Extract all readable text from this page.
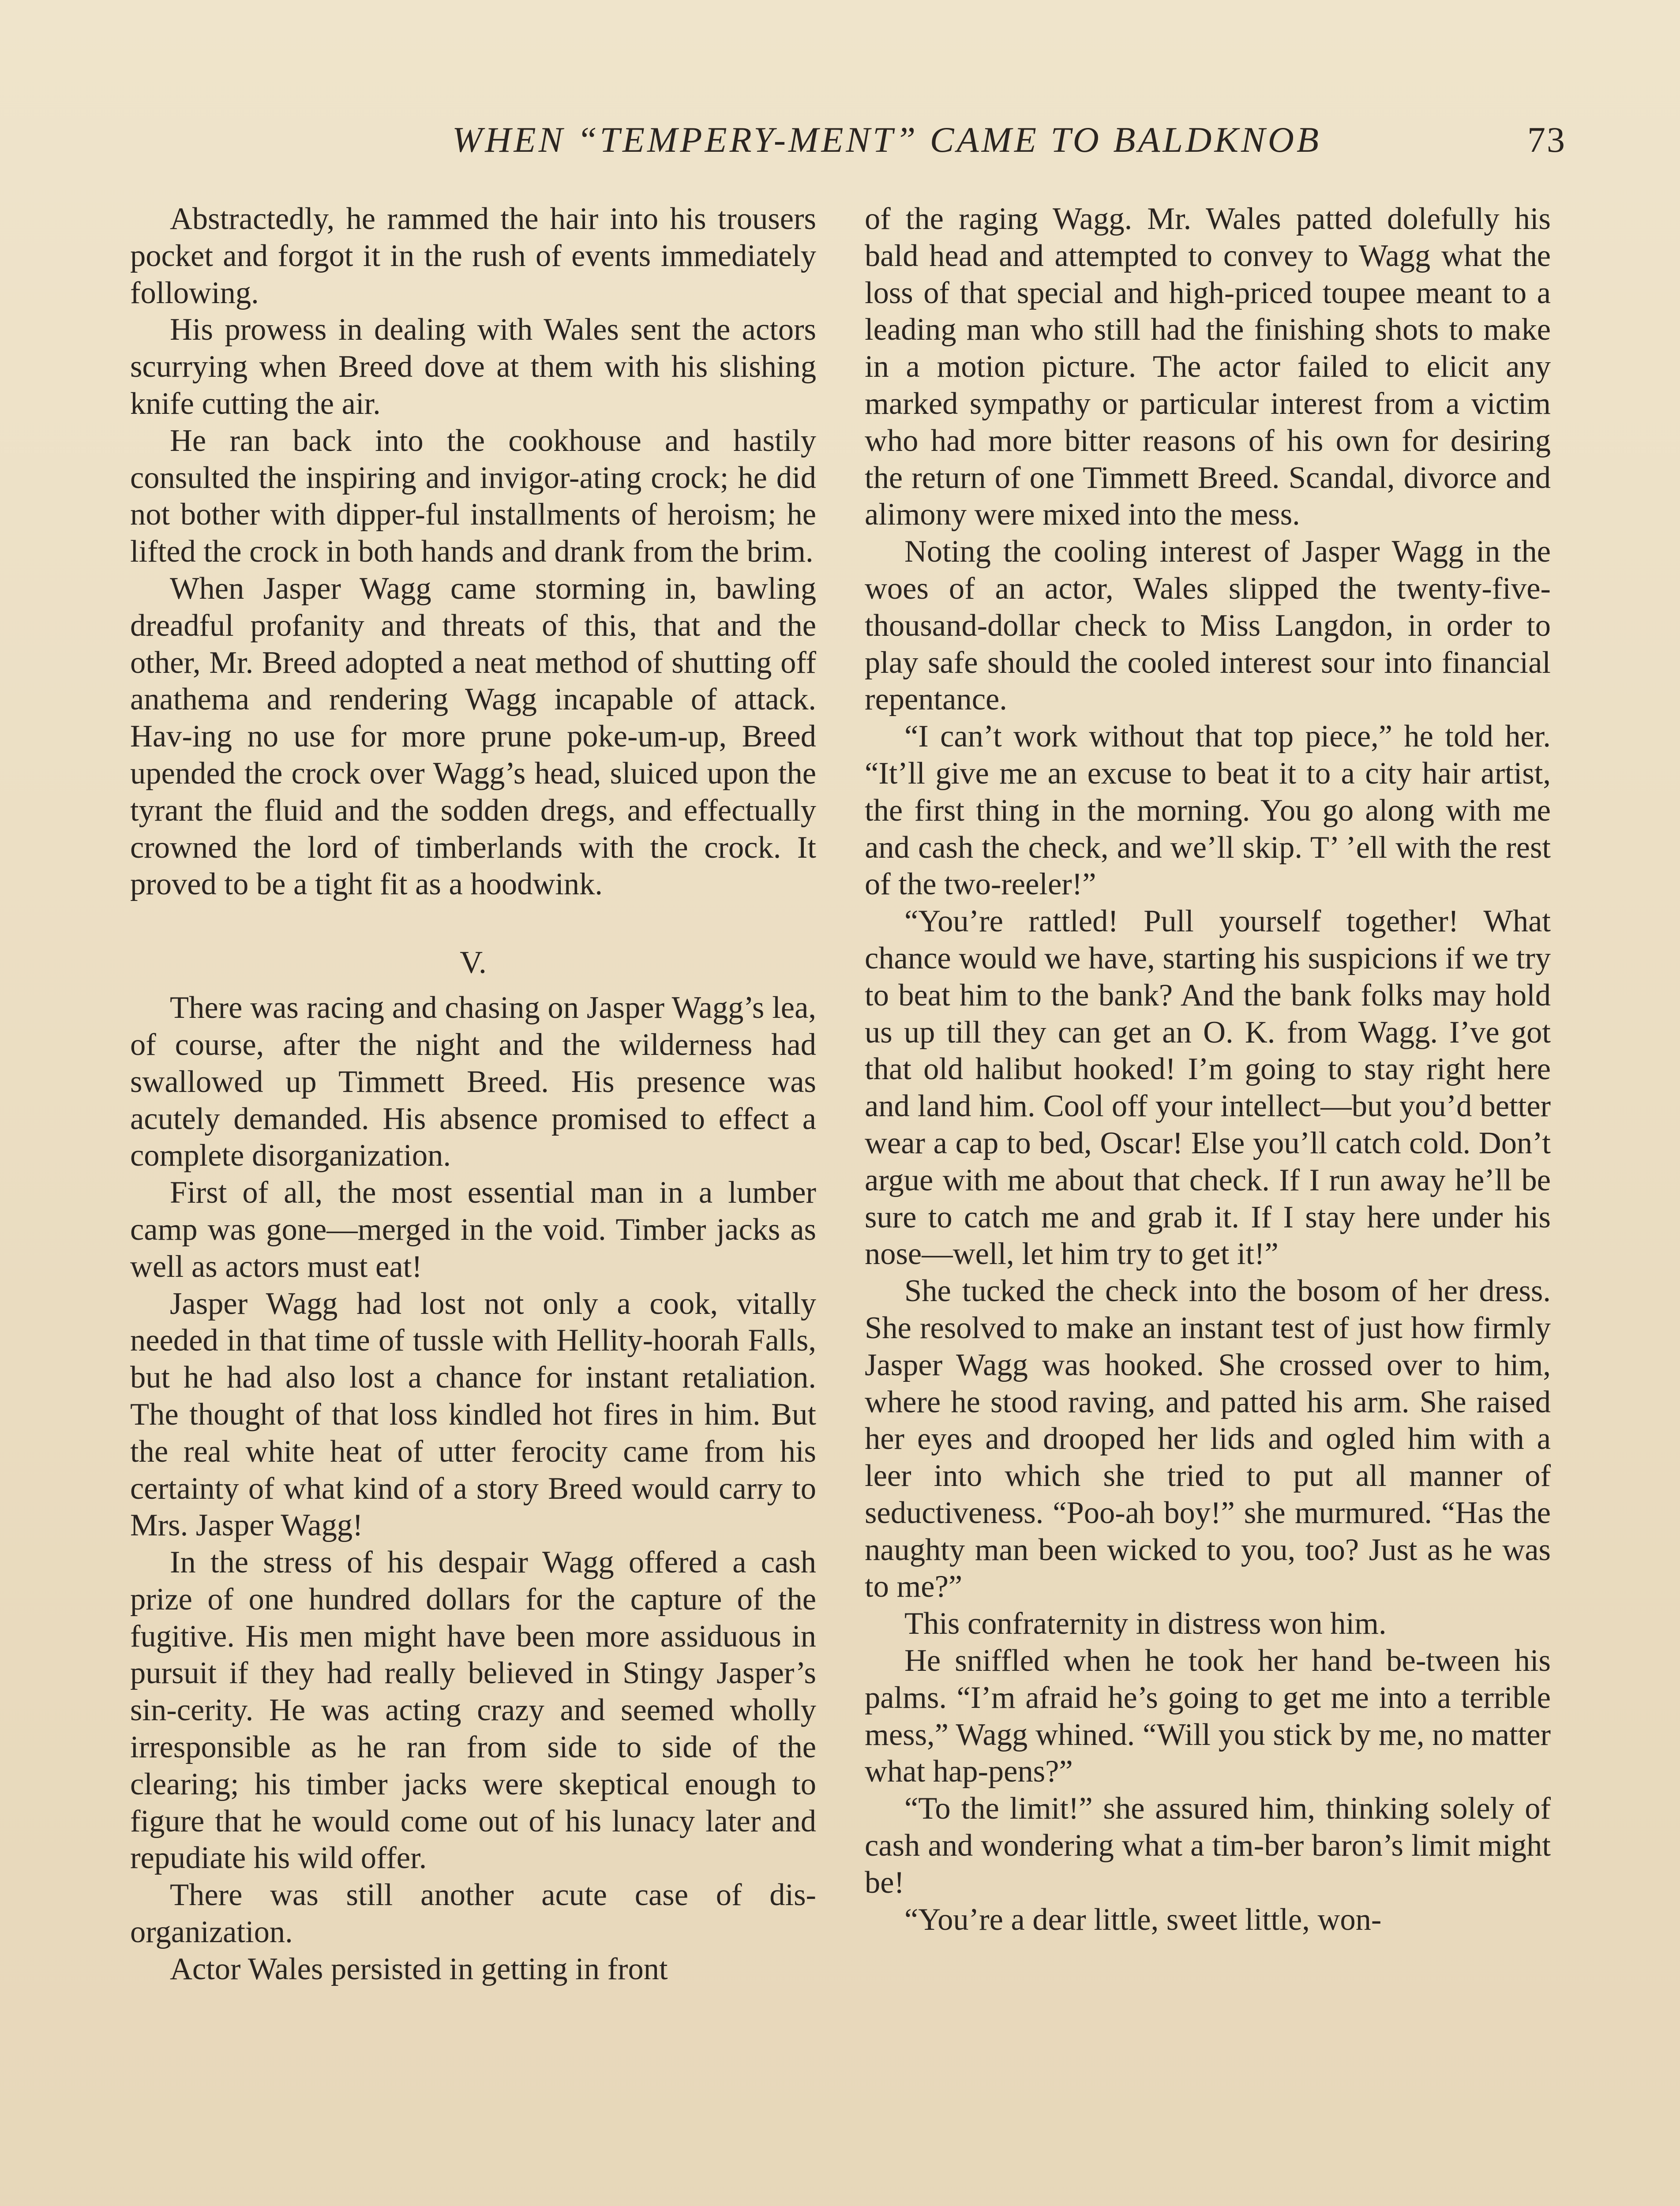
WHEN “TEMPERY-MENT” CAME TO BALDKNOB	73

Abstractedly, he rammed the hair into his trousers pocket and forgot it in the rush of events immediately following.

His prowess in dealing with Wales sent the actors scurrying when Breed dove at them with his slishing knife cutting the air.

He ran back into the cookhouse and hastily consulted the inspiring and invigor-ating crock; he did not bother with dipper-ful installments of heroism; he lifted the crock in both hands and drank from the brim.

When Jasper Wagg came storming in, bawling dreadful profanity and threats of this, that and the other, Mr. Breed adopted a neat method of shutting off anathema and rendering Wagg incapable of attack. Hav-ing no use for more prune poke-um-up, Breed upended the crock over Wagg’s head, sluiced upon the tyrant the fluid and the sodden dregs, and effectually crowned the lord of timberlands with the crock. It proved to be a tight fit as a hoodwink.

V.

There was racing and chasing on Jasper Wagg’s lea, of course, after the night and the wilderness had swallowed up Timmett Breed. His presence was acutely demanded. His absence promised to effect a complete disorganization.

First of all, the most essential man in a lumber camp was gone—merged in the void. Timber jacks as well as actors must eat!

Jasper Wagg had lost not only a cook, vitally needed in that time of tussle with Hellity-hoorah Falls, but he had also lost a chance for instant retaliation. The thought of that loss kindled hot fires in him. But the real white heat of utter ferocity came from his certainty of what kind of a story Breed would carry to Mrs. Jasper Wagg!

In the stress of his despair Wagg offered a cash prize of one hundred dollars for the capture of the fugitive. His men might have been more assiduous in pursuit if they had really believed in Stingy Jasper’s sin-cerity. He was acting crazy and seemed wholly irresponsible as he ran from side to side of the clearing; his timber jacks were skeptical enough to figure that he would come out of his lunacy later and repudiate his wild offer.

There was still another acute case of dis-organization.

Actor Wales persisted in getting in front

of the raging Wagg. Mr. Wales patted dolefully his bald head and attempted to convey to Wagg what the loss of that special and high-priced toupee meant to a leading man who still had the finishing shots to make in a motion picture. The actor failed to elicit any marked sympathy or particular interest from a victim who had more bitter reasons of his own for desiring the return of one Timmett Breed. Scandal, divorce and alimony were mixed into the mess.

Noting the cooling interest of Jasper Wagg in the woes of an actor, Wales slipped the twenty-five-thousand-dollar check to Miss Langdon, in order to play safe should the cooled interest sour into financial repentance.

“I can’t work without that top piece,” he told her. “It’ll give me an excuse to beat it to a city hair artist, the first thing in the morning. You go along with me and cash the check, and we’ll skip. T’ ’ell with the rest of the two-reeler!”

“You’re rattled! Pull yourself together! What chance would we have, starting his suspicions if we try to beat him to the bank? And the bank folks may hold us up till they can get an O. K. from Wagg. I’ve got that old halibut hooked! I’m going to stay right here and land him. Cool off your intellect—but you’d better wear a cap to bed, Oscar! Else you’ll catch cold. Don’t argue with me about that check. If I run away he’ll be sure to catch me and grab it. If I stay here under his nose—well, let him try to get it!”

She tucked the check into the bosom of her dress. She resolved to make an instant test of just how firmly Jasper Wagg was hooked. She crossed over to him, where he stood raving, and patted his arm. She raised her eyes and drooped her lids and ogled him with a leer into which she tried to put all manner of seductiveness. “Poo-ah boy!” she murmured. “Has the naughty man been wicked to you, too? Just as he was to me?”

This confraternity in distress won him.

He sniffled when he took her hand be-tween his palms. “I’m afraid he’s going to get me into a terrible mess,” Wagg whined. “Will you stick by me, no matter what hap-pens?”

“To the limit!” she assured him, thinking solely of cash and wondering what a tim-ber baron’s limit might be!

“You’re a dear little, sweet little, won-
